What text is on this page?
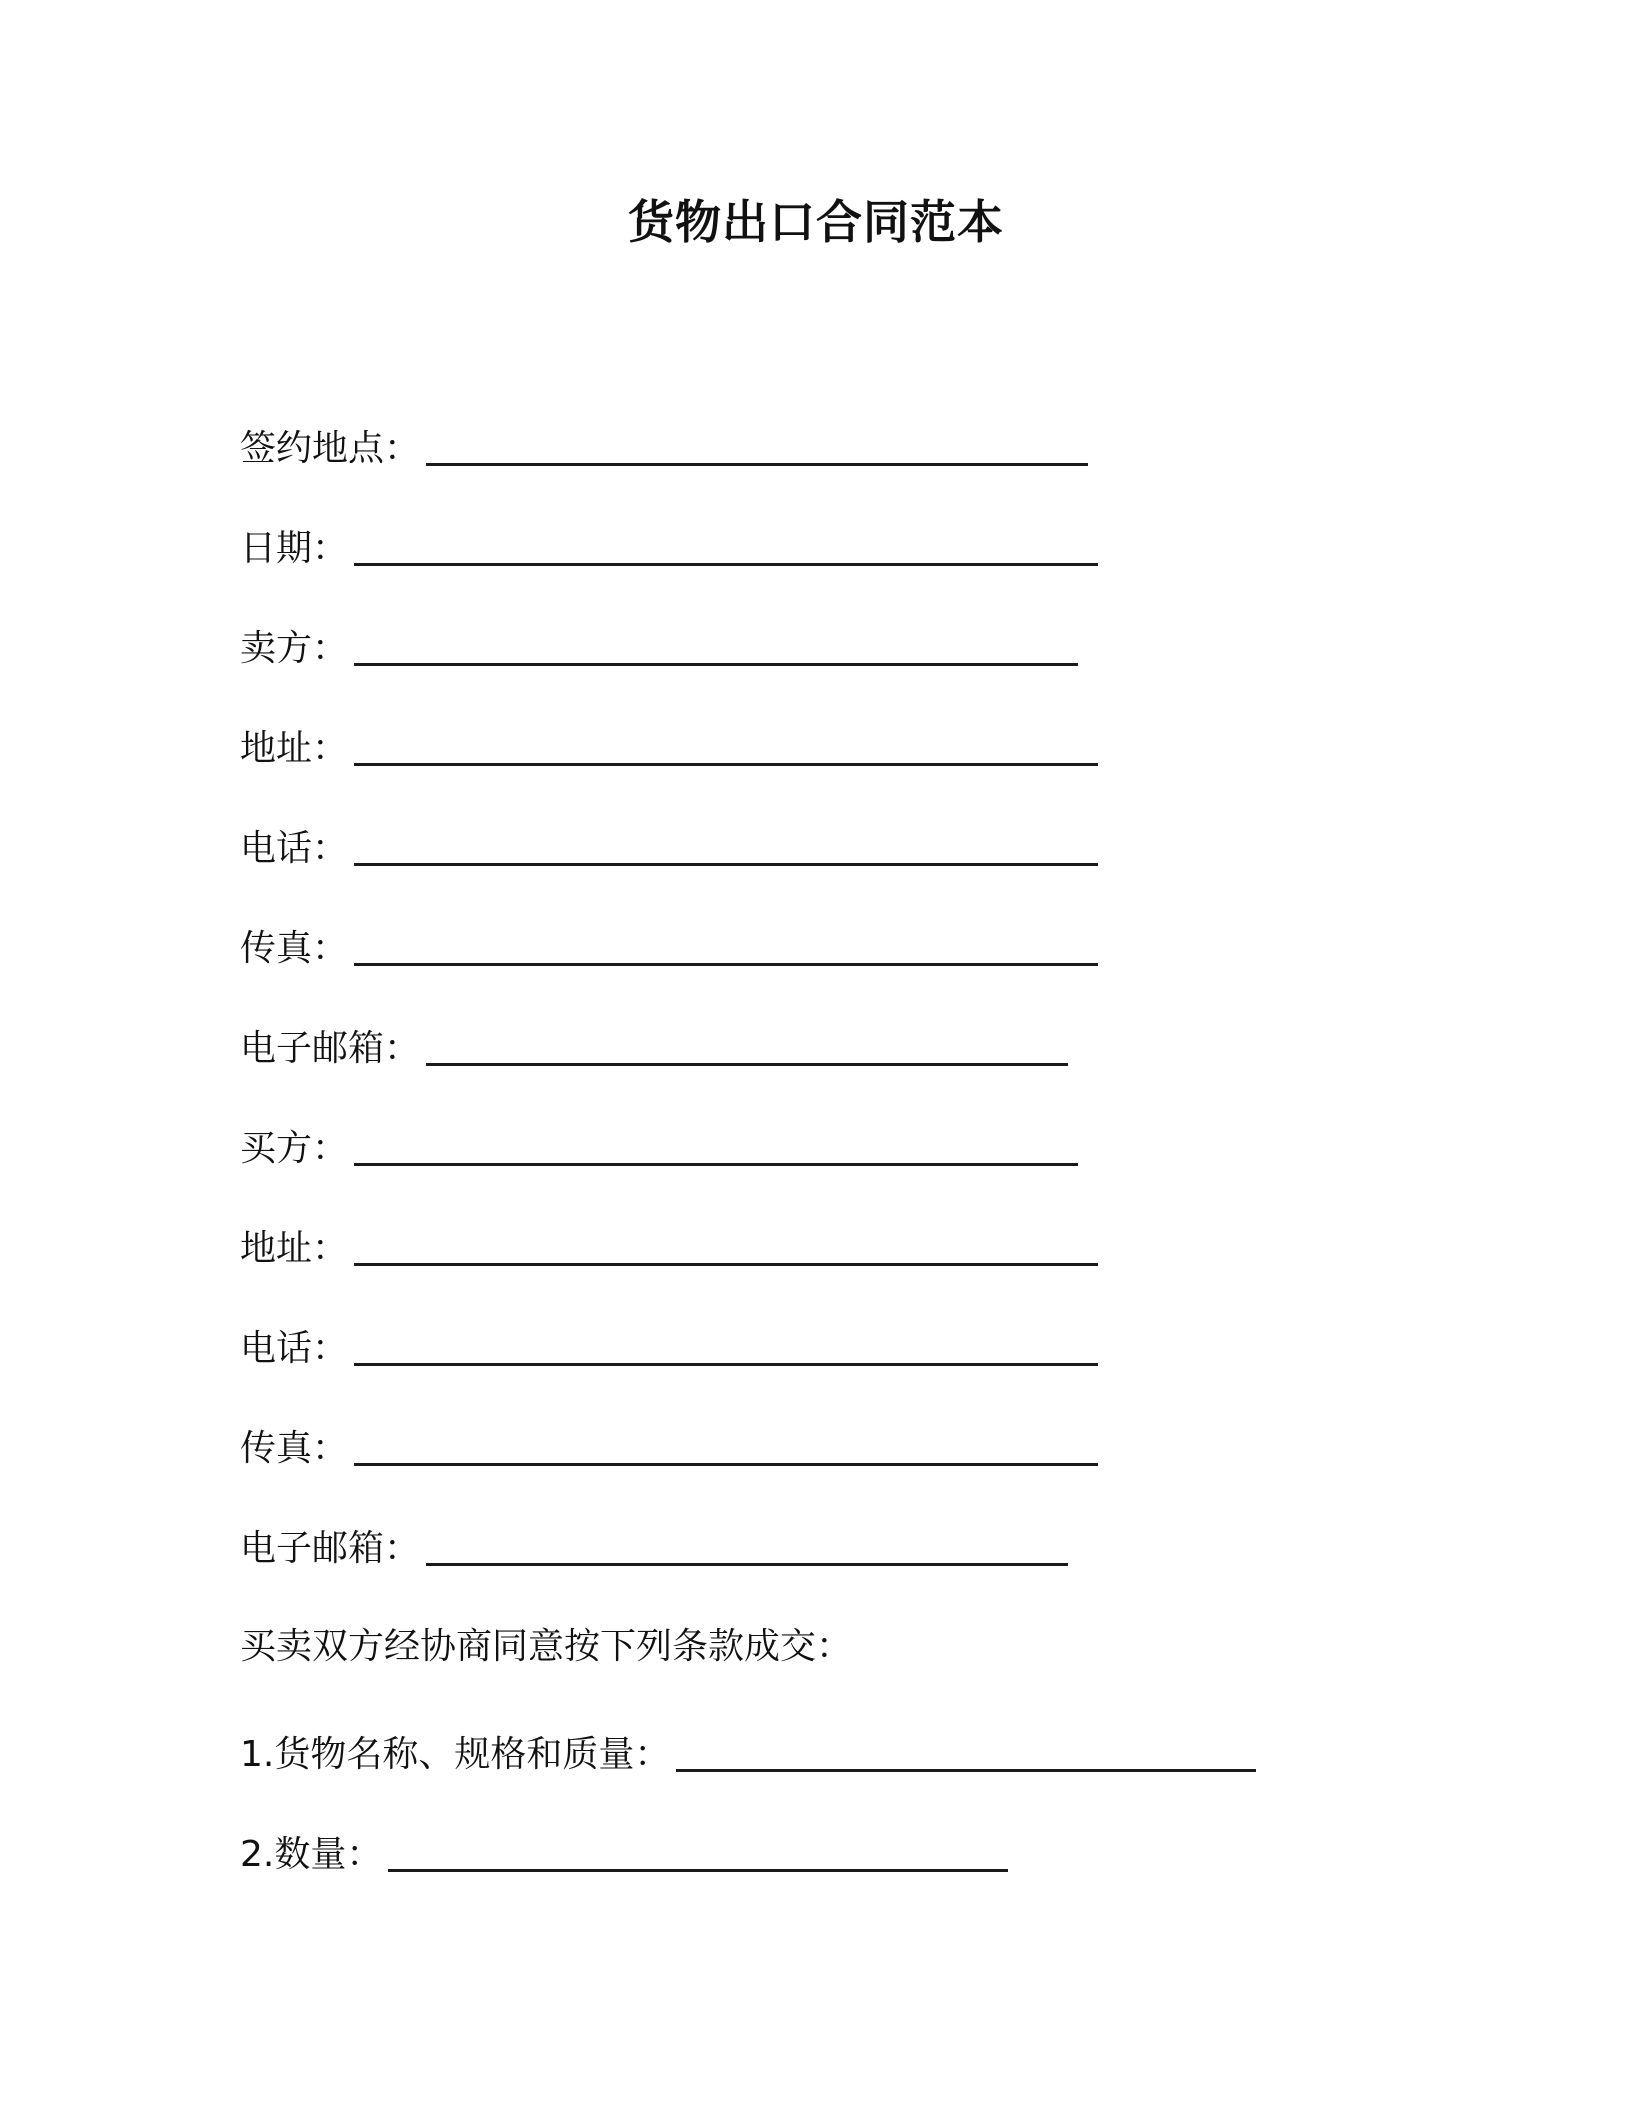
货物出口合同范本
签约地点：
日期：
卖方：
地址：
电话：
传真：
电子邮箱：
买方：
地址：
电话：
传真：
电子邮箱：
买卖双方经协商同意按下列条款成交：
1.货物名称、规格和质量：
2.数量：
